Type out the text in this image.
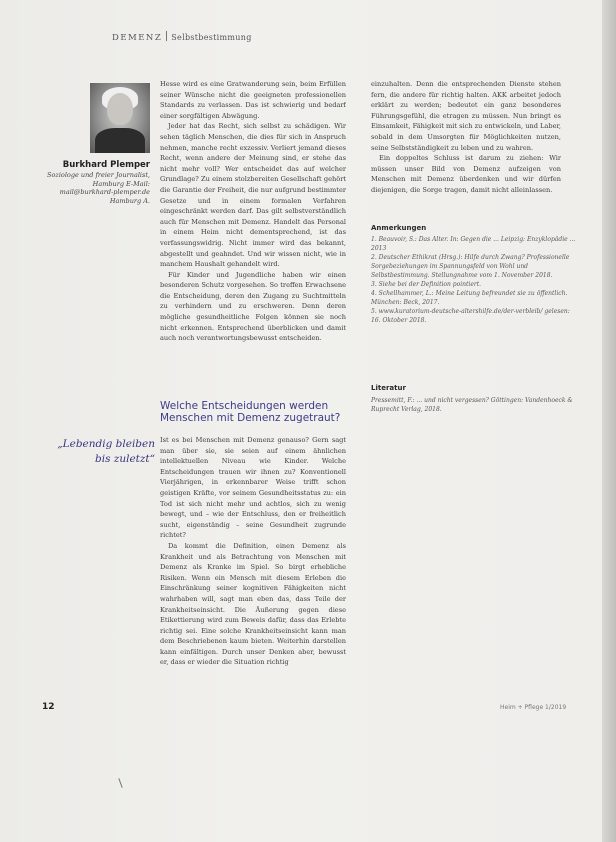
DEMENZ Selbstbestimmung
Burkhard Plemper
Soziologe und freier Journalist, Hamburg E-Mail: mail@burkhard-plemper.de Hamburg A.
„Lebendig bleiben bis zuletzt“

Hesse wird es eine Gratwanderung sein, beim Erfüllen seiner Wünsche nicht die geeigneten professionellen Standards zu verlassen. Das ist schwierig und bedarf einer sorgfältigen Abwägung.

Jeder hat das Recht, sich selbst zu schädigen. Wir sehen täglich Menschen, die dies für sich in Anspruch nehmen, manche recht exzessiv. Verliert jemand dieses Recht, wenn andere der Meinung sind, er stehe das nicht mehr voll? Wer entscheidet das auf welcher Grundlage? Zu einem stolzbereiten Gesellschaft gehört die Garantie der Freiheit, die nur aufgrund bestimmter Gesetze und in einem formalen Verfahren eingeschränkt werden darf. Das gilt selbstverständlich auch für Menschen mit Demenz. Handelt das Personal in einem Heim nicht dementsprechend, ist das verfassungswidrig. Nicht immer wird das bekannt, abgestellt und geahndet. Und wir wissen nicht, wie in manchem Haushalt gehandelt wird.

Für Kinder und Jugendliche haben wir einen besonderen Schutz vorgesehen. So treffen Erwachsene die Entscheidung, deren den Zugang zu Suchtmitteln zu verhindern und zu erschweren. Denn deren mögliche gesundheitliche Folgen können sie noch nicht erkennen. Entsprechend überblicken und damit auch noch verantwortungsbewusst entscheiden.

Welche Entscheidungen werden Menschen mit Demenz zugetraut?

Ist es bei Menschen mit Demenz genauso? Gern sagt man über sie, sie seien auf einem ähnlichen intellektuellen Niveau wie Kinder. Welche Entscheidungen trauen wir ihnen zu? Konventionell Vierjährigen, in erkennbarer Weise trifft schon geistigen Kräfte, vor seinem Gesundheitsstatus zu: ein Tod ist sich nicht mehr und achtlos, sich zu wenig bewegt, und – wie der Entschluss, den er freiheitlich sucht, eigenständig – seine Gesundheit zugrunde richtet?

Da kommt die Definition, einen Demenz als Krankheit und als Betrachtung von Menschen mit Demenz als Kranke im Spiel. So birgt erhebliche Risiken. Wenn ein Mensch mit diesem Erleben die Einschränkung seiner kognitiven Fähigkeiten nicht wahrhaben will, sagt man eben das, dass Teile der Krankheitseinsicht. Die Äußerung gegen diese Etikettierung wird zum Beweis dafür, dass das Erlebte richtig sei. Eine solche Krankheitseinsicht kann man dem Beschriebenen kaum bieten. Weiterhin darstellen kann einfältigen. Durch unser Denken aber, bewusst er, dass er wieder die Situation richtig

einzuhalten. Denn die entsprechenden Dienste stehen fern, die andere für richtig halten. AKK arbeitet jedoch erklärt zu werden; bedeutet ein ganz besonderes Führungsgefühl, die etragen zu müssen. Nun bringt es Einsamkeit, Fähigkeit mit sich zu entwickeln, und Laber, sobald in dem Umsorgten für Möglichkeiten nutzen, seine Selbstständigkeit zu leben und zu wahren.

Ein doppeltes Schluss ist darum zu ziehen: Wir müssen unser Bild von Demenz aufzeigen von Menschen mit Demenz überdenken und wir dürfen diejenigen, die Sorge tragen, damit nicht alleinlassen.

Anmerkungen
1. Beauvoir, S.: Das Alter. In: Gegen die ... Leipzig: Enzyklopädie ... 2013
2. Deutscher Ethikrat (Hrsg.): Hilfe durch Zwang? Professionelle Sorgebeziehungen im Spannungsfeld von Wohl und Selbstbestimmung. Stellungnahme vom 1. November 2018.
3. Siehe bei der Definition pointiert.
4. Schellhammer, L.: Meine Leitung befreundet sie zu öffentlich. München: Beck, 2017.
5. www.kuratorium-deutsche-altershilfe.de/der-verbleib/ gelesen: 16. Oktober 2018.
Literatur
Pressemitt, F.: ... und nicht vergessen? Göttingen: Vandenhoeck & Ruprecht Verlag, 2018.
12	Heim + Pflege 1/2019
